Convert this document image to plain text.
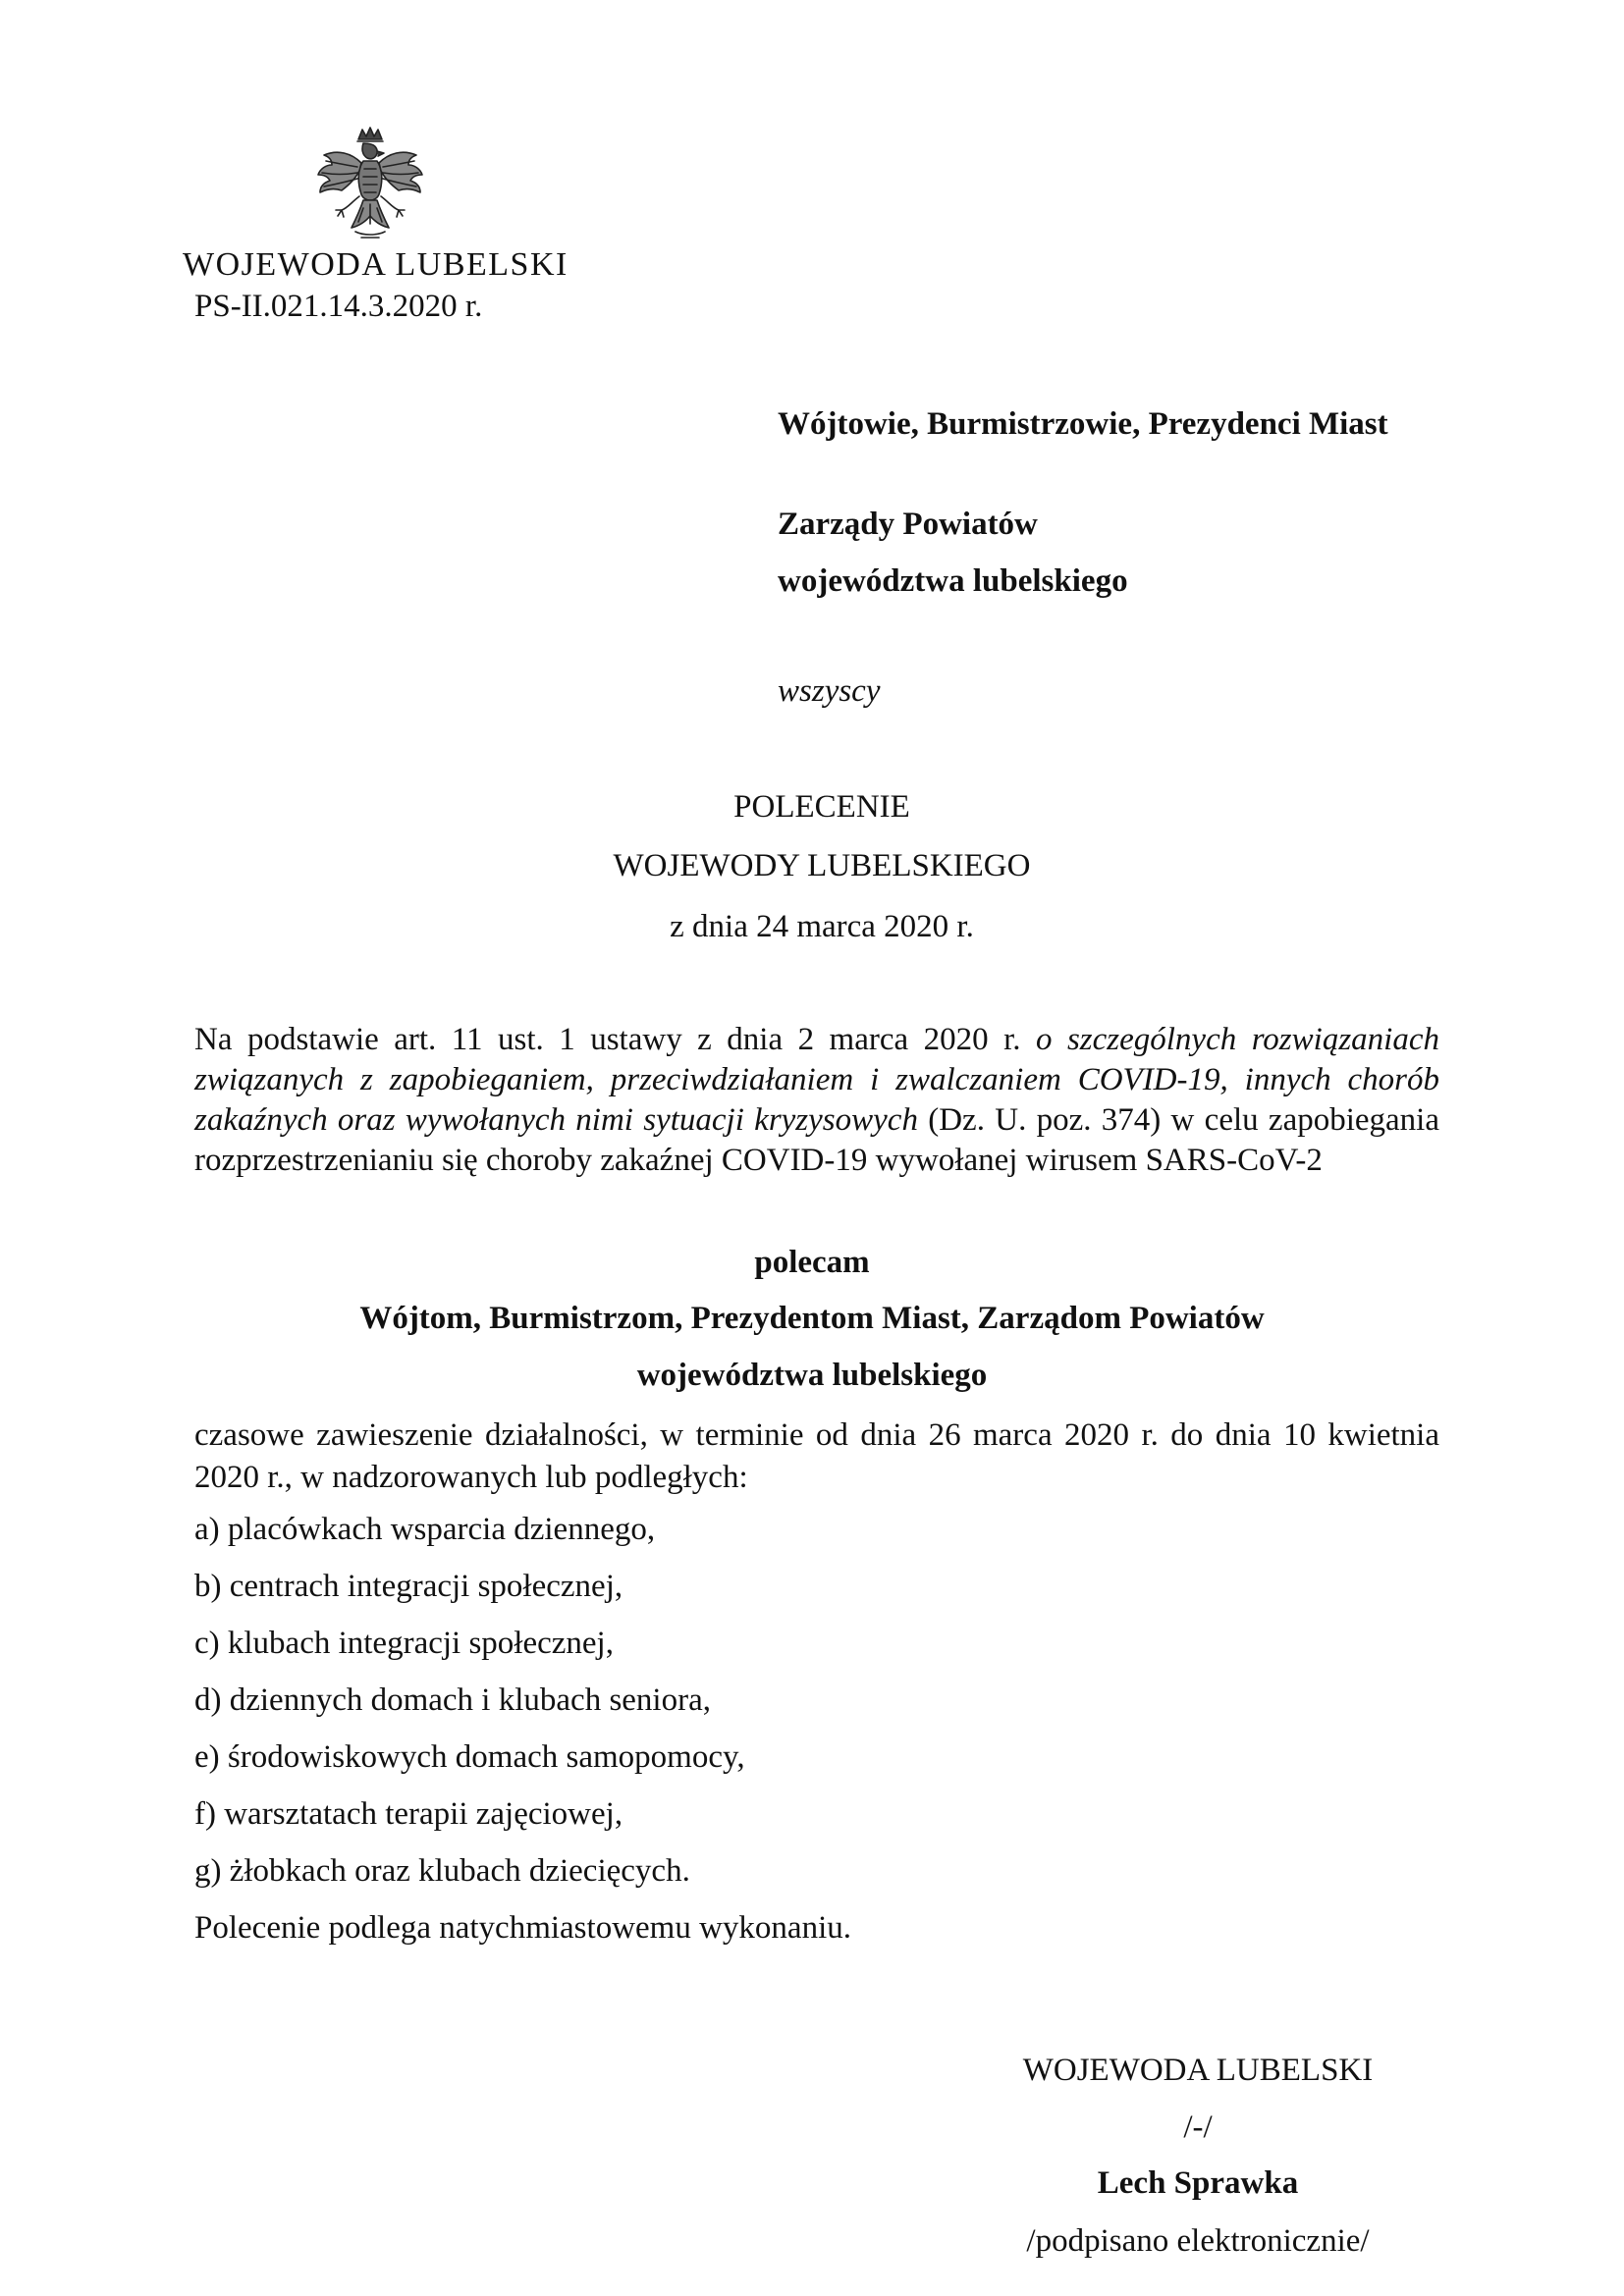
WOJEWODA LUBELSKI
PS-II.021.14.3.2020 r.
Wójtowie, Burmistrzowie, Prezydenci Miast
Zarządy Powiatów
województwa lubelskiego
wszyscy
POLECENIE
WOJEWODY LUBELSKIEGO
z dnia 24 marca 2020 r.
Na podstawie art. 11 ust. 1 ustawy z dnia 2 marca 2020 r. o szczególnych rozwiązaniach związanych z zapobieganiem, przeciwdziałaniem i zwalczaniem COVID-19, innych chorób zakaźnych oraz wywołanych nimi sytuacji kryzysowych (Dz. U. poz. 374) w celu zapobiegania rozprzestrzenianiu się choroby zakaźnej COVID-19 wywołanej wirusem SARS-CoV-2
polecam
Wójtom, Burmistrzom, Prezydentom Miast, Zarządom Powiatów
województwa lubelskiego
czasowe zawieszenie działalności, w terminie od dnia 26 marca 2020 r. do dnia 10 kwietnia 2020 r., w nadzorowanych lub podległych:
a) placówkach wsparcia dziennego,
b) centrach integracji społecznej,
c) klubach integracji społecznej,
d) dziennych domach i klubach seniora,
e) środowiskowych domach samopomocy,
f) warsztatach terapii zajęciowej,
g) żłobkach oraz klubach dziecięcych.
Polecenie podlega natychmiastowemu wykonaniu.
WOJEWODA LUBELSKI
/-/
Lech Sprawka
/podpisano elektronicznie/
